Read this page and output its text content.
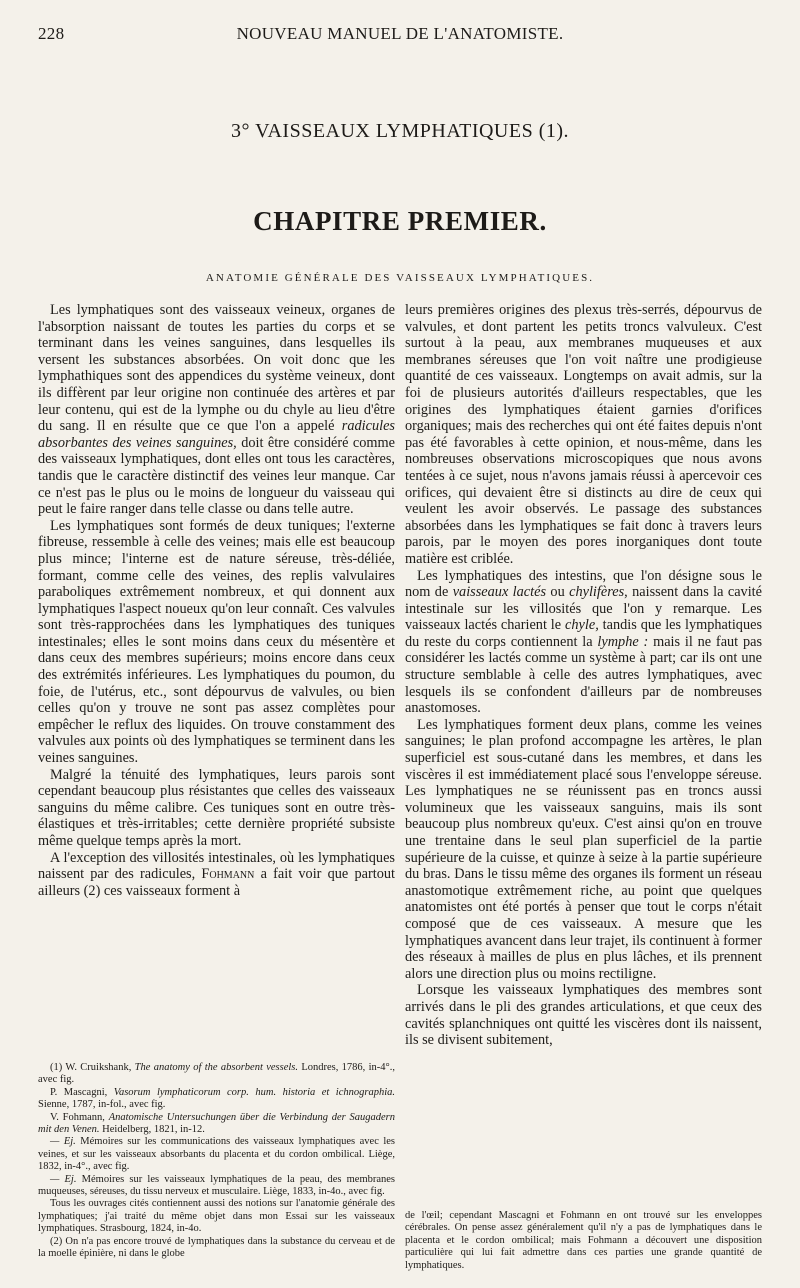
228	NOUVEAU MANUEL DE L'ANATOMISTE.
3° VAISSEAUX LYMPHATIQUES (1).
CHAPITRE PREMIER.
ANATOMIE GÉNÉRALE DES VAISSEAUX LYMPHATIQUES.

Les lymphatiques sont des vaisseaux veineux, organes de l'absorption naissant de toutes les parties du corps et se terminant dans les veines sanguines, dans lesquelles ils versent les substances absorbées. On voit donc que les lymphathiques sont des appendices du système veineux, dont ils diffèrent par leur origine non continuée des artères et par leur contenu, qui est de la lymphe ou du chyle au lieu d'être du sang. Il en résulte que ce que l'on a appelé radicules absorbantes des veines sanguines, doit être considéré comme des vaisseaux lymphatiques, dont elles ont tous les caractères, tandis que le caractère distinctif des veines leur manque. Car ce n'est pas le plus ou le moins de longueur du vaisseau qui peut le faire ranger dans telle classe ou dans telle autre.

Les lymphatiques sont formés de deux tuniques; l'externe fibreuse, ressemble à celle des veines; mais elle est beaucoup plus mince; l'interne est de nature séreuse, très-déliée, formant, comme celle des veines, des replis valvulaires paraboliques extrêmement nombreux, et qui donnent aux lymphatiques l'aspect noueux qu'on leur connaît. Ces valvules sont très-rapprochées dans les lymphatiques des tuniques intestinales; elles le sont moins dans ceux du mésentère et dans ceux des membres supérieurs; moins encore dans ceux des extrémités inférieures. Les lymphatiques du poumon, du foie, de l'utérus, etc., sont dépourvus de valvules, ou bien celles qu'on y trouve ne sont pas assez complètes pour empêcher le reflux des liquides. On trouve constamment des valvules aux points où des lymphatiques se terminent dans les veines sanguines.

Malgré la ténuité des lymphatiques, leurs parois sont cependant beaucoup plus résistantes que celles des vaisseaux sanguins du même calibre. Ces tuniques sont en outre très-élastiques et très-irritables; cette dernière propriété subsiste même quelque temps après la mort.

A l'exception des villosités intestinales, où les lymphatiques naissent par des radicules, Fohmann a fait voir que partout ailleurs (2) ces vaisseaux forment à

leurs premières origines des plexus très-serrés, dépourvus de valvules, et dont partent les petits troncs valvuleux. C'est surtout à la peau, aux membranes muqueuses et aux membranes séreuses que l'on voit naître une prodigieuse quantité de ces vaisseaux. Longtemps on avait admis, sur la foi de plusieurs autorités d'ailleurs respectables, que les origines des lymphatiques étaient garnies d'orifices organiques; mais des recherches qui ont été faites depuis n'ont pas été favorables à cette opinion, et nous-même, dans les nombreuses observations microscopiques que nous avons tentées à ce sujet, nous n'avons jamais réussi à apercevoir ces orifices, qui devaient être si distincts au dire de ceux qui veulent les avoir observés. Le passage des substances absorbées dans les lymphatiques se fait donc à travers leurs parois, par le moyen des pores inorganiques dont toute matière est criblée.

Les lymphatiques des intestins, que l'on désigne sous le nom de vaisseaux lactés ou chylifères, naissent dans la cavité intestinale sur les villosités que l'on y remarque. Les vaisseaux lactés charient le chyle, tandis que les lymphatiques du reste du corps contiennent la lymphe : mais il ne faut pas considérer les lactés comme un système à part; car ils ont une structure semblable à celle des autres lymphatiques, avec lesquels ils se confondent d'ailleurs par de nombreuses anastomoses.

Les lymphatiques forment deux plans, comme les veines sanguines; le plan profond accompagne les artères, le plan superficiel est sous-cutané dans les membres, et dans les viscères il est immédiatement placé sous l'enveloppe séreuse. Les lymphatiques ne se réunissent pas en troncs aussi volumineux que les vaisseaux sanguins, mais ils sont beaucoup plus nombreux qu'eux. C'est ainsi qu'on en trouve une trentaine dans le seul plan superficiel de la partie supérieure de la cuisse, et quinze à seize à la partie supérieure du bras. Dans le tissu même des organes ils forment un réseau anastomotique extrêmement riche, au point que quelques anatomistes ont été portés à penser que tout le corps n'était composé que de ces vaisseaux. A mesure que les lymphatiques avancent dans leur trajet, ils continuent à former des réseaux à mailles de plus en plus lâches, et ils prennent alors une direction plus ou moins rectiligne.

Lorsque les vaisseaux lymphatiques des membres sont arrivés dans le pli des grandes articulations, et que ceux des cavités splanchniques ont quitté les viscères dont ils naissent, ils se divisent subitement,

(1) W. Cruikshank, The anatomy of the absorbent vessels. Londres, 1786, in-4°., avec fig.

P. Mascagni, Vasorum lymphaticorum corp. hum. historia et ichnographia. Sienne, 1787, in-fol., avec fig.

V. Fohmann, Anatomische Untersuchungen über die Verbindung der Saugadern mit den Venen. Heidelberg, 1821, in-12.

— Ej. Mémoires sur les communications des vaisseaux lymphatiques avec les veines, et sur les vaisseaux absorbants du placenta et du cordon ombilical. Liège, 1832, in-4°., avec fig.

— Ej. Mémoires sur les vaisseaux lymphatiques de la peau, des membranes muqueuses, séreuses, du tissu nerveux et musculaire. Liège, 1833, in-4o., avec fig.

Tous les ouvrages cités contiennent aussi des notions sur l'anatomie générale des lymphatiques; j'ai traité du même objet dans mon Essai sur les vaisseaux lymphatiques. Strasbourg, 1824, in-4o.

(2) On n'a pas encore trouvé de lymphatiques dans la substance du cerveau et de la moelle épinière, ni dans le globe

de l'œil; cependant Mascagni et Fohmann en ont trouvé sur les enveloppes cérébrales. On pense assez généralement qu'il n'y a pas de lymphatiques dans le placenta et le cordon ombilical; mais Fohmann a découvert une disposition particulière qui lui fait admettre dans ces parties une grande quantité de lymphatiques.
